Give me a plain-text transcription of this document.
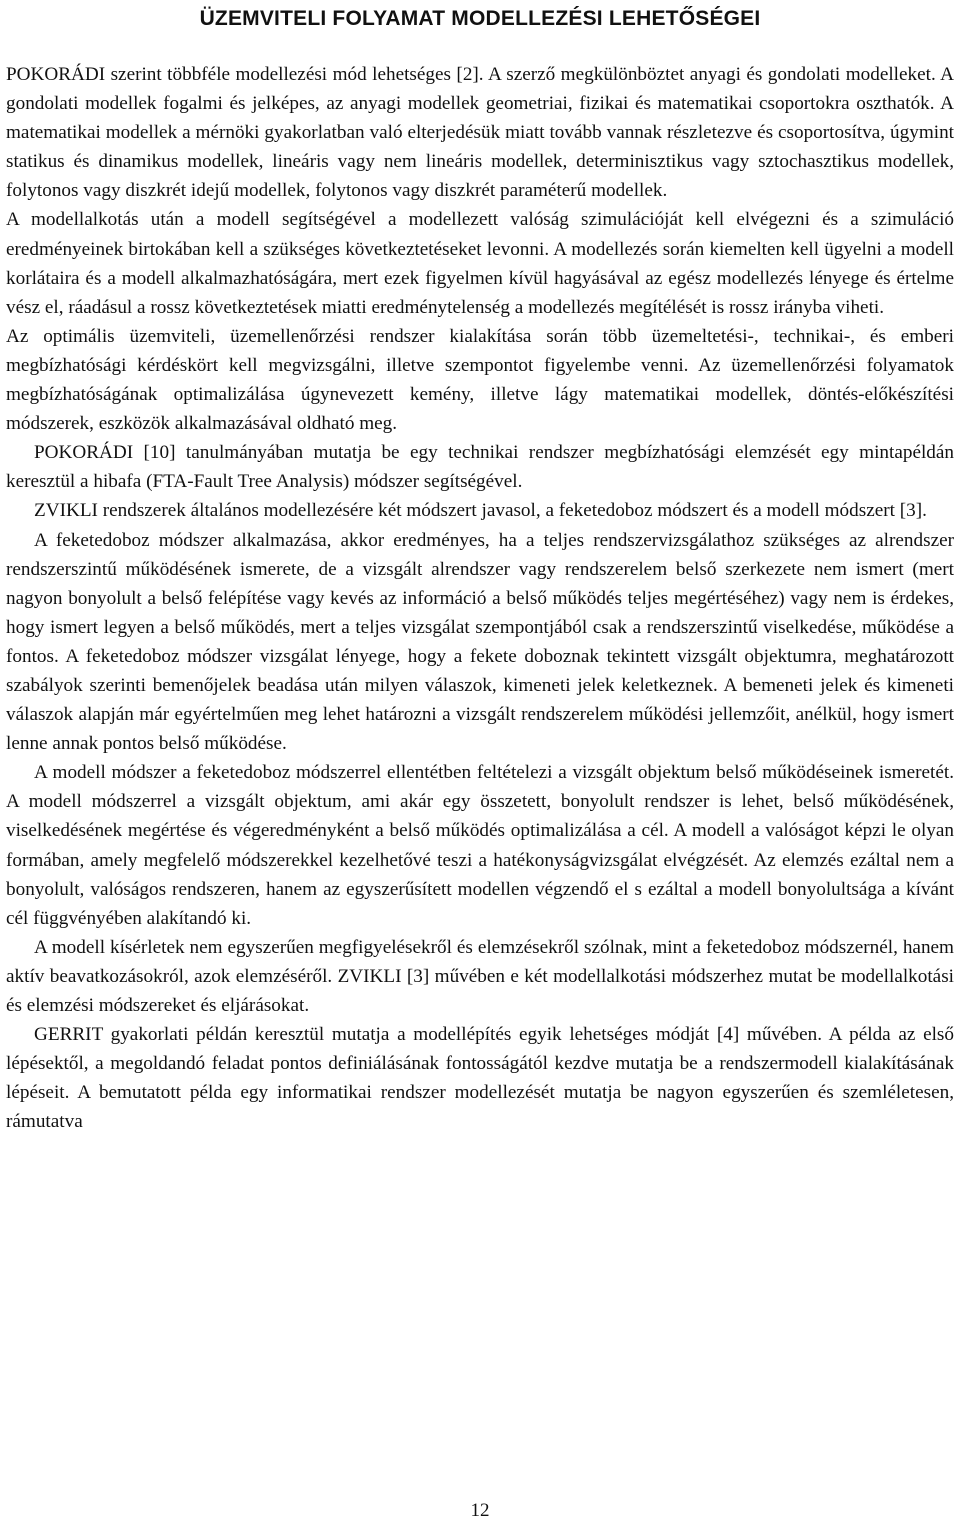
ÜZEMVITELI FOLYAMAT MODELLEZÉSI LEHETŐSÉGEI

POKORÁDI szerint többféle modellezési mód lehetséges [2]. A szerző megkülönböztet anyagi és gondolati modelleket. A gondolati modellek fogalmi és jelképes, az anyagi modellek geometriai, fizikai és matematikai csoportokra oszthatók. A matematikai modellek a mérnöki gyakorlatban való elterjedésük miatt tovább vannak részletezve és csoportosítva, úgymint statikus és dinamikus modellek, lineáris vagy nem lineáris modellek, determinisztikus vagy sztochasztikus modellek, folytonos vagy diszkrét idejű modellek, folytonos vagy diszkrét paraméterű modellek.

A modellalkotás után a modell segítségével a modellezett valóság szimulációját kell elvégezni és a szimuláció eredményeinek birtokában kell a szükséges következtetéseket levonni. A modellezés során kiemelten kell ügyelni a modell korlátaira és a modell alkalmazhatóságára, mert ezek figyelmen kívül hagyásával az egész modellezés lényege és értelme vész el, ráadásul a rossz következtetések miatti eredménytelenség a modellezés megítélését is rossz irányba viheti.

Az optimális üzemviteli, üzemellenőrzési rendszer kialakítása során több üzemeltetési-, technikai-, és emberi megbízhatósági kérdéskört kell megvizsgálni, illetve szempontot figyelembe venni. Az üzemellenőrzési folyamatok megbízhatóságának optimalizálása úgynevezett kemény, illetve lágy matematikai modellek, döntés-előkészítési módszerek, eszközök alkalmazásával oldható meg.

POKORÁDI [10] tanulmányában mutatja be egy technikai rendszer megbízhatósági elemzését egy mintapéldán keresztül a hibafa (FTA-Fault Tree Analysis) módszer segítségével.

ZVIKLI rendszerek általános modellezésére két módszert javasol, a feketedoboz módszert és a modell módszert [3].

A feketedoboz módszer alkalmazása, akkor eredményes, ha a teljes rendszervizsgálathoz szükséges az alrendszer rendszerszintű működésének ismerete, de a vizsgált alrendszer vagy rendszerelem belső szerkezete nem ismert (mert nagyon bonyolult a belső felépítése vagy kevés az információ a belső működés teljes megértéséhez) vagy nem is érdekes, hogy ismert legyen a belső működés, mert a teljes vizsgálat szempontjából csak a rendszerszintű viselkedése, működése a fontos. A feketedoboz módszer vizsgálat lényege, hogy a fekete doboznak tekintett vizsgált objektumra, meghatározott szabályok szerinti bemenőjelek beadása után milyen válaszok, kimeneti jelek keletkeznek. A bemeneti jelek és kimeneti válaszok alapján már egyértelműen meg lehet határozni a vizsgált rendszerelem működési jellemzőit, anélkül, hogy ismert lenne annak pontos belső működése.

A modell módszer a feketedoboz módszerrel ellentétben feltételezi a vizsgált objektum belső működéseinek ismeretét. A modell módszerrel a vizsgált objektum, ami akár egy összetett, bonyolult rendszer is lehet, belső működésének, viselkedésének megértése és végeredményként a belső működés optimalizálása a cél. A modell a valóságot képzi le olyan formában, amely megfelelő módszerekkel kezelhetővé teszi a hatékonyságvizsgálat elvégzését. Az elemzés ezáltal nem a bonyolult, valóságos rendszeren, hanem az egyszerűsített modellen végzendő el s ezáltal a modell bonyolultsága a kívánt cél függvényében alakítandó ki.

A modell kísérletek nem egyszerűen megfigyelésekről és elemzésekről szólnak, mint a feketedoboz módszernél, hanem aktív beavatkozásokról, azok elemzéséről. ZVIKLI [3] művében e két modellalkotási módszerhez mutat be modellalkotási és elemzési módszereket és eljárásokat.

GERRIT gyakorlati példán keresztül mutatja a modellépítés egyik lehetséges módját [4] művében. A példa az első lépésektől, a megoldandó feladat pontos definiálásának fontosságától kezdve mutatja be a rendszermodell kialakításának lépéseit. A bemutatott példa egy informatikai rendszer modellezését mutatja be nagyon egyszerűen és szemléletesen, rámutatva

12
